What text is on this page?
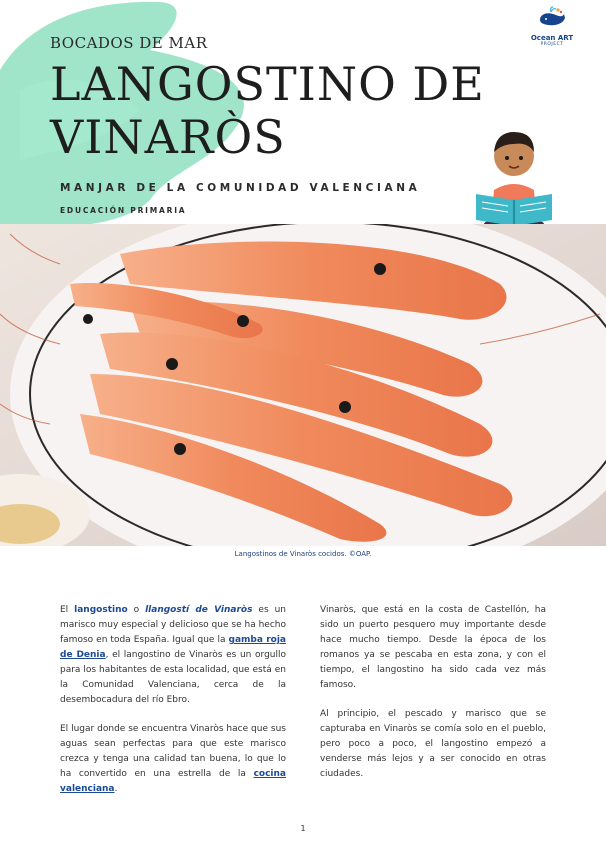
BOCADOS DE MAR
LANGOSTINO DE
VINARÒS
MANJAR DE LA COMUNIDAD VALENCIANA
EDUCACIÓN PRIMARIA
Ocean ART
PROJECT
Langostinos de Vinaròs cocidos. ©OAP.

El langostino o llangostí de Vinaròs es un marisco muy especial y delicioso que se ha hecho famoso en toda España. Igual que la gamba roja de Denia, el langostino de Vinaròs es un orgullo para los habitantes de esta localidad, que está en la Comunidad Valenciana, cerca de la desembocadura del río Ebro.

El lugar donde se encuentra Vinaròs hace que sus aguas sean perfectas para que este marisco crezca y tenga una calidad tan buena, lo que lo ha convertido en una estrella de la cocina valenciana.

Vinaròs, que está en la costa de Castellón, ha sido un puerto pesquero muy importante desde hace mucho tiempo. Desde la época de los romanos ya se pescaba en esta zona, y con el tiempo, el langostino ha sido cada vez más famoso.

Al principio, el pescado y marisco que se capturaba en Vinaròs se comía solo en el pueblo, pero poco a poco, el langostino empezó a venderse más lejos y a ser conocido en otras ciudades.

1
